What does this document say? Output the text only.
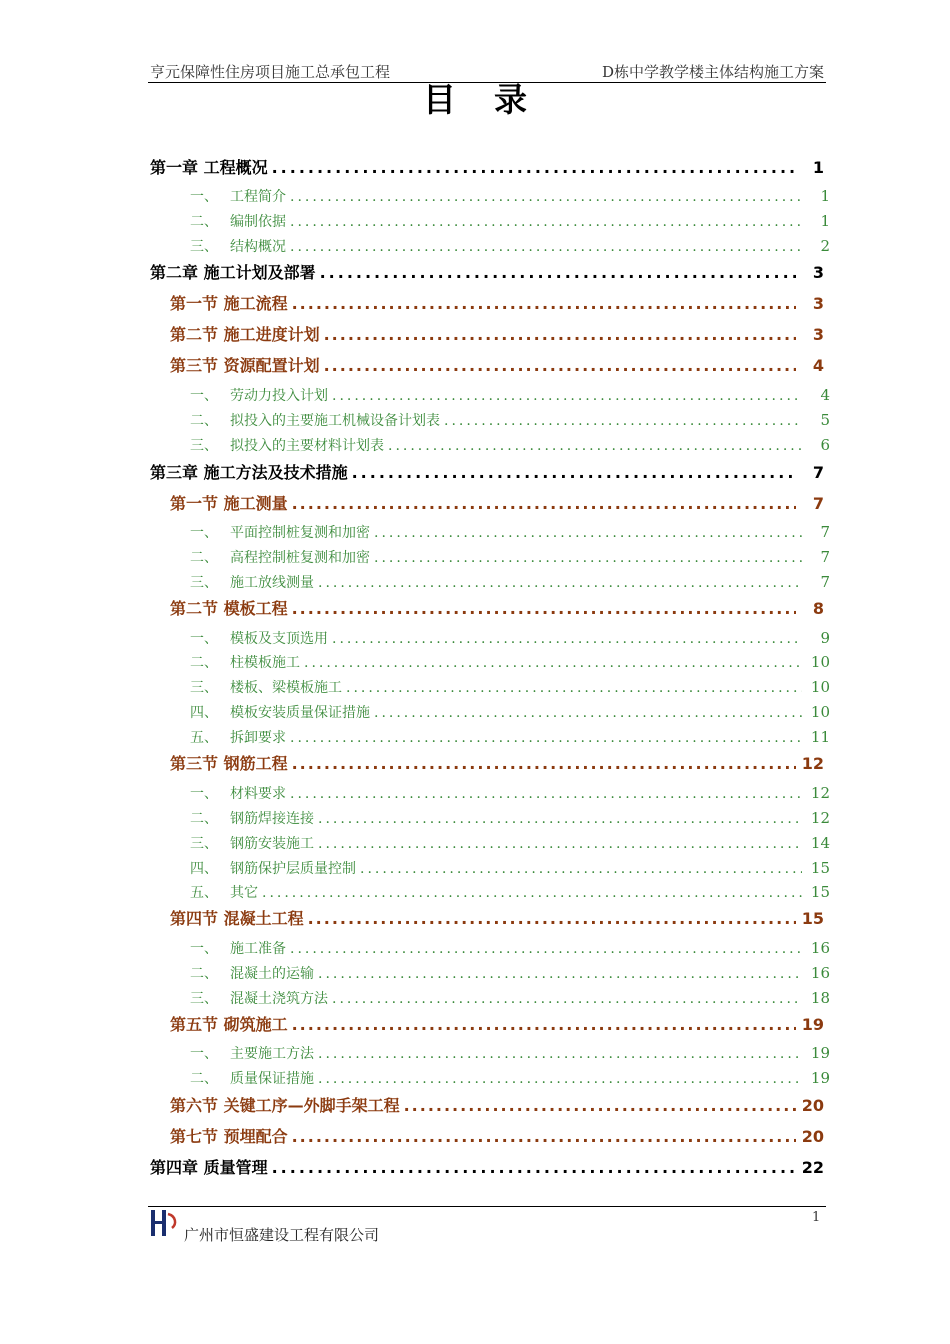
亨元保障性住房项目施工总承包工程	D栋中学教学楼主体结构施工方案
目录
第一章 工程概况 .....	1
一、 工程简介 .....	1
二、 编制依据 .....	1
三、 结构概况 .....	2
第二章 施工计划及部署 .....	3
第一节 施工流程 .....	3
第二节 施工进度计划 .....	3
第三节 资源配置计划 .....	4
一、 劳动力投入计划 .....	4
二、 拟投入的主要施工机械设备计划表 .....	5
三、 拟投入的主要材料计划表 .....	6
第三章 施工方法及技术措施 .....	7
第一节 施工测量 .....	7
一、 平面控制桩复测和加密 .....	7
二、 高程控制桩复测和加密 .....	7
三、 施工放线测量 .....	7
第二节 模板工程 .....	8
一、 模板及支顶选用 .....	9
二、 柱模板施工 .....	10
三、 楼板、梁模板施工 .....	10
四、 模板安装质量保证措施 .....	10
五、 拆卸要求 .....	11
第三节 钢筋工程 .....	12
一、 材料要求 .....	12
二、 钢筋焊接连接 .....	12
三、 钢筋安装施工 .....	14
四、 钢筋保护层质量控制 .....	15
五、 其它 .....	15
第四节 混凝土工程 .....	15
一、 施工准备 .....	16
二、 混凝土的运输 .....	16
三、 混凝土浇筑方法 .....	18
第五节 砌筑施工 .....	19
一、 主要施工方法 .....	19
二、 质量保证措施 .....	19
第六节 关键工序—外脚手架工程 .....	20
第七节 预埋配合 .....	20
第四章 质量管理 .....	22
1
广州市恒盛建设工程有限公司
